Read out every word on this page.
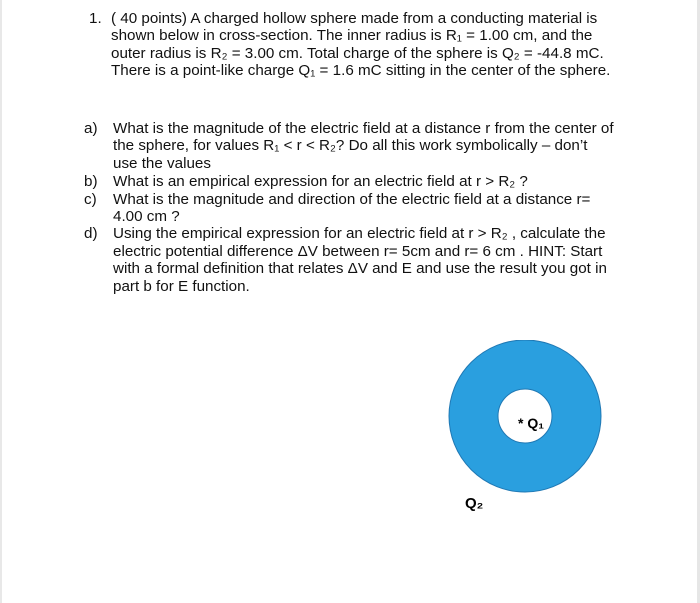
1. ( 40 points) A charged hollow sphere made from a conducting material is shown below in cross-section. The inner radius is R₁ = 1.00 cm, and the outer radius is R₂ = 3.00 cm. Total charge of the sphere is Q₂ = -44.8 mC. There is a point-like charge Q₁ = 1.6 mC sitting in the center of the sphere.
a) What is the magnitude of the electric field at a distance r from the center of the sphere, for values R₁ < r < R₂? Do all this work symbolically – don’t use the values
b) What is an empirical expression for an electric field at r > R₂ ?
c) What is the magnitude and direction of the electric field at a distance r= 4.00 cm ?
d) Using the empirical expression for an electric field at r > R₂ , calculate the electric potential difference ΔV between r= 5cm and r= 6 cm . HINT: Start with a formal definition that relates ΔV and E and use the result you got in part b for E function.
* Q₁
Q₂
